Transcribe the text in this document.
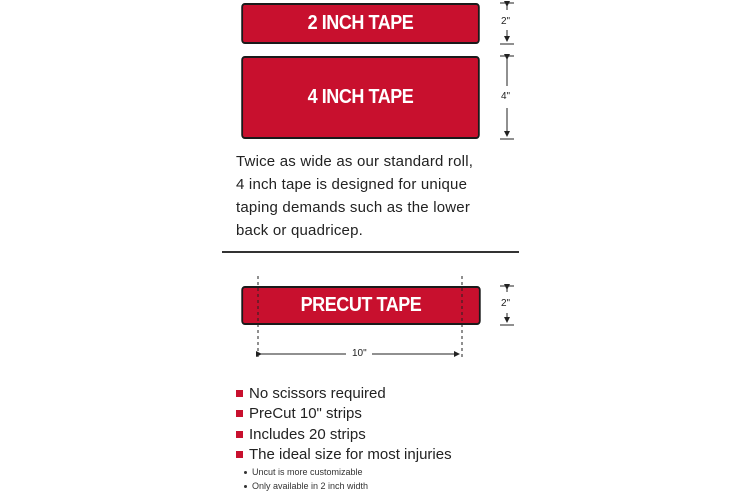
2 INCH TAPE
4 INCH TAPE
PRECUT TAPE
2"
4"
2"
10"
Twice as wide as our standard roll,
4 inch tape is designed for unique
taping demands such as the lower
back or quadricep.
No scissors required
PreCut 10" strips
Includes 20 strips
The ideal size for most injuries
Uncut is more customizable
Only available in 2 inch width
